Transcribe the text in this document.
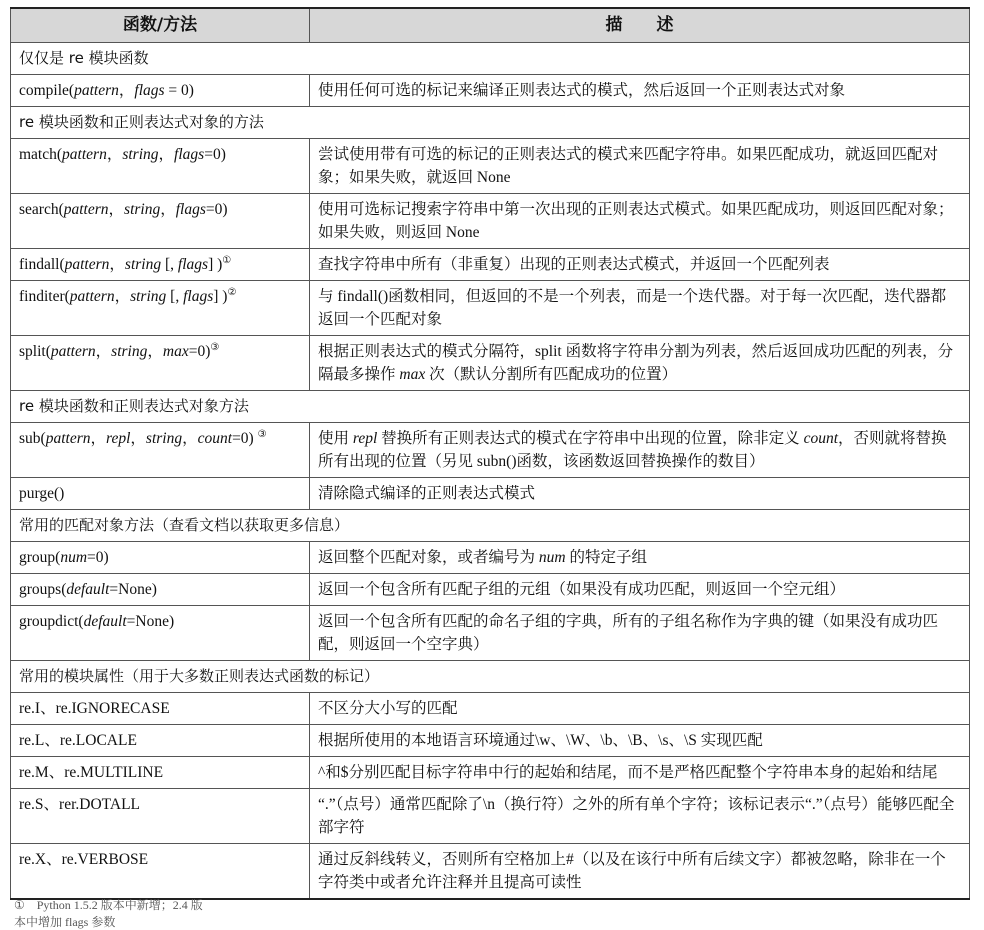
函数/方法	描　　述
仅仅是 re 模块函数	
compile(pattern，flags = 0)	使用任何可选的标记来编译正则表达式的模式，然后返回一个正则表达式对象
re 模块函数和正则表达式对象的方法	
match(pattern，string，flags=0)	尝试使用带有可选的标记的正则表达式的模式来匹配字符串。如果匹配成功，就返回匹配对象；如果失败，就返回 None
search(pattern，string，flags=0)	使用可选标记搜索字符串中第一次出现的正则表达式模式。如果匹配成功，则返回匹配对象；如果失败，则返回 None
findall(pattern，string [, flags] )①	查找字符串中所有（非重复）出现的正则表达式模式，并返回一个匹配列表
finditer(pattern，string [, flags] )②	与 findall()函数相同，但返回的不是一个列表，而是一个迭代器。对于每一次匹配，迭代器都返回一个匹配对象
split(pattern，string，max=0)③	根据正则表达式的模式分隔符，split 函数将字符串分割为列表，然后返回成功匹配的列表，分隔最多操作 max 次（默认分割所有匹配成功的位置）
re 模块函数和正则表达式对象方法	
sub(pattern，repl，string，count=0) ③	使用 repl 替换所有正则表达式的模式在字符串中出现的位置，除非定义 count，否则就将替换所有出现的位置（另见 subn()函数，该函数返回替换操作的数目）
purge()	清除隐式编译的正则表达式模式
常用的匹配对象方法（查看文档以获取更多信息）	
group(num=0)	返回整个匹配对象，或者编号为 num 的特定子组
groups(default=None)	返回一个包含所有匹配子组的元组（如果没有成功匹配，则返回一个空元组）
groupdict(default=None)	返回一个包含所有匹配的命名子组的字典，所有的子组名称作为字典的键（如果没有成功匹配，则返回一个空字典）
常用的模块属性（用于大多数正则表达式函数的标记）	
re.I、re.IGNORECASE	不区分大小写的匹配
re.L、re.LOCALE	根据所使用的本地语言环境通过\w、\W、\b、\B、\s、\S 实现匹配
re.M、re.MULTILINE	^和$分别匹配目标字符串中行的起始和结尾，而不是严格匹配整个字符串本身的起始和结尾
re.S、rer.DOTALL	“.”（点号）通常匹配除了\n（换行符）之外的所有单个字符；该标记表示“.”（点号）能够匹配全部字符
re.X、re.VERBOSE	通过反斜线转义，否则所有空格加上#（以及在该行中所有后续文字）都被忽略，除非在一个字符类中或者允许注释并且提高可读性
①　Python 1.5.2 版本中新增；2.4 版本中增加 flags 参数
